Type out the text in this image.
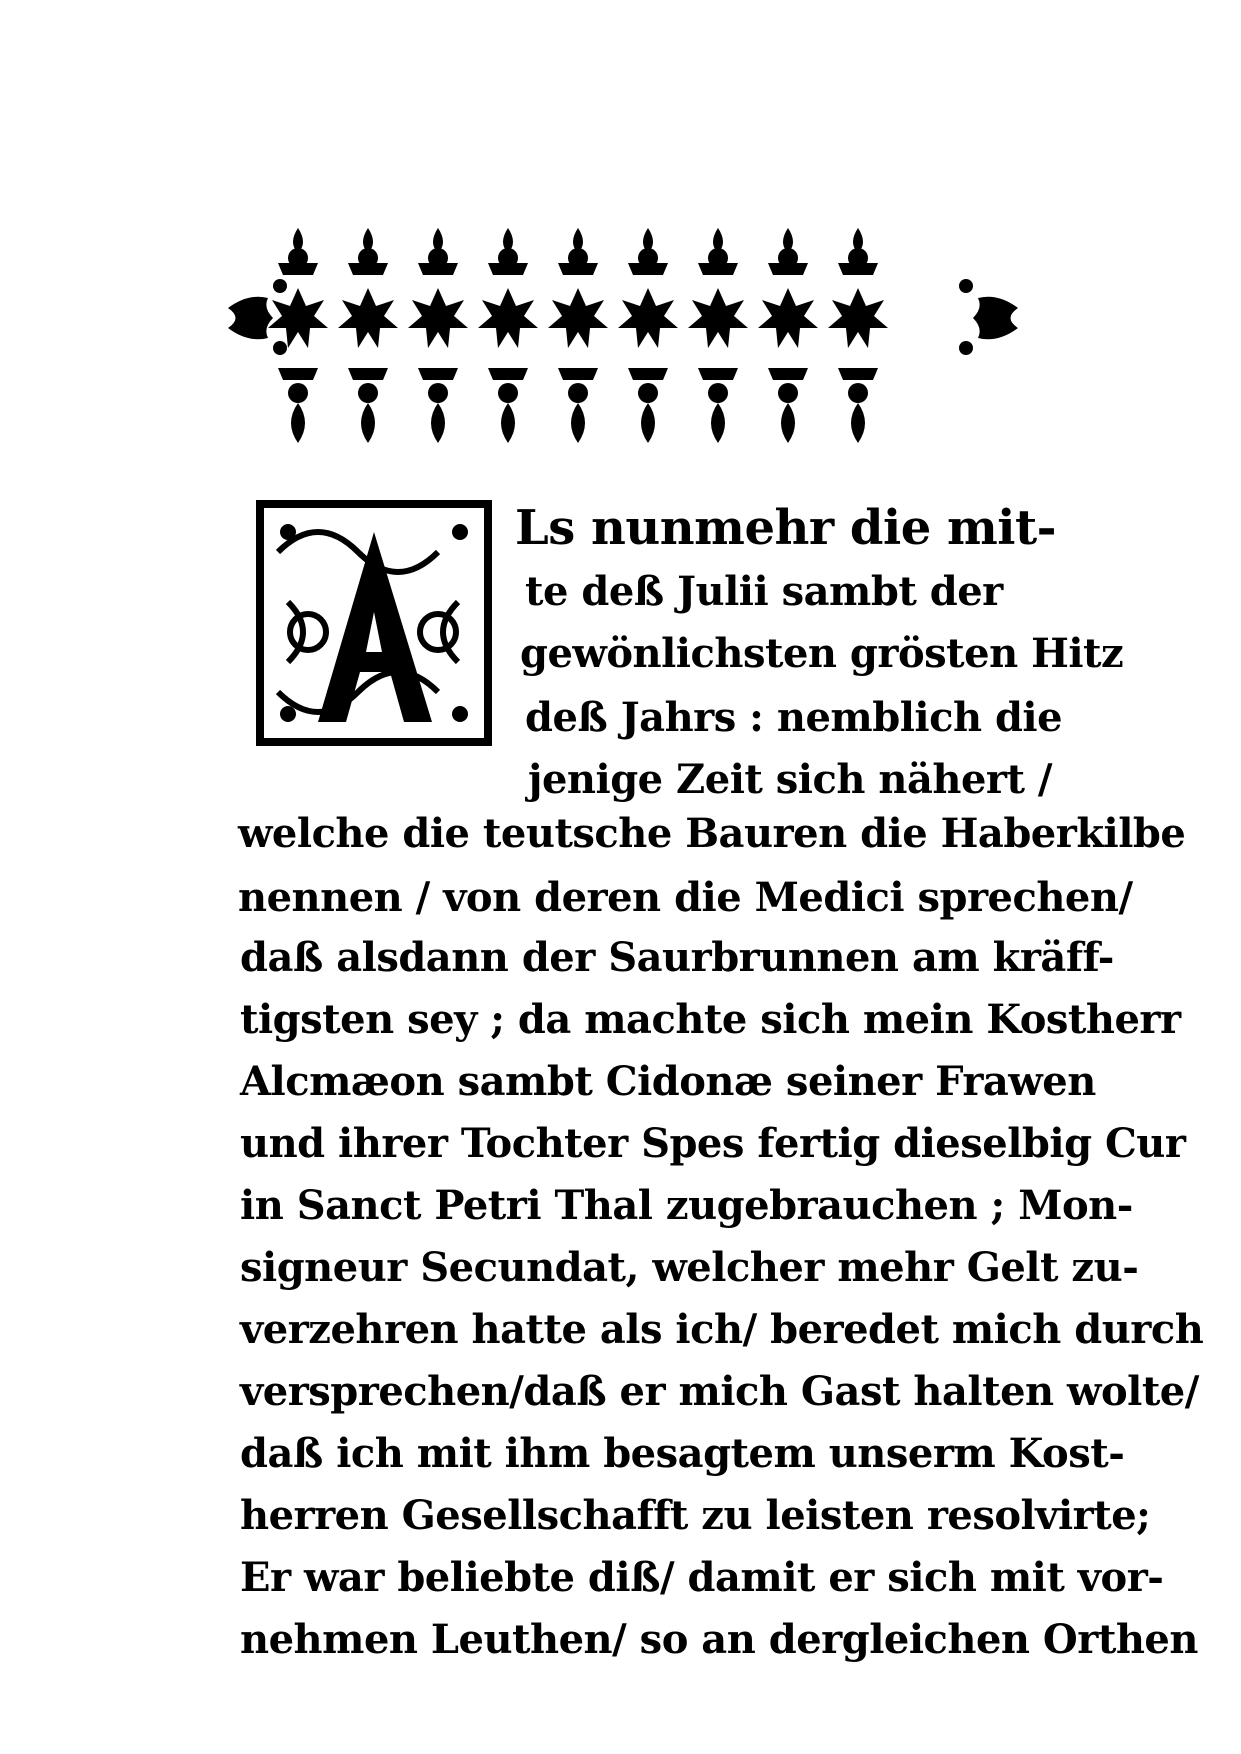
A
Ls nunmehr die mit-
te deß Julii sambt der
gewönlichsten grösten Hitz
deß Jahrs : nemblich die
jenige Zeit sich nähert /
welche die teutsche Bauren die Haberkilbe
nennen / von deren die Medici sprechen/
daß alsdann der Saurbrunnen am kräff-
tigsten sey ; da machte sich mein Kostherr
Alcmæon sambt Cidonæ seiner Frawen
und ihrer Tochter Spes fertig dieselbig Cur
in Sanct Petri Thal zugebrauchen ; Mon-
signeur Secundat, welcher mehr Gelt zu-
verzehren hatte als ich/ beredet mich durch
versprechen/daß er mich Gast halten wolte/
daß ich mit ihm besagtem unserm Kost-
herren Gesellschafft zu leisten resolvirte;
Er war beliebte diß/ damit er sich mit vor-
nehmen Leuthen/ so an dergleichen Orthen
